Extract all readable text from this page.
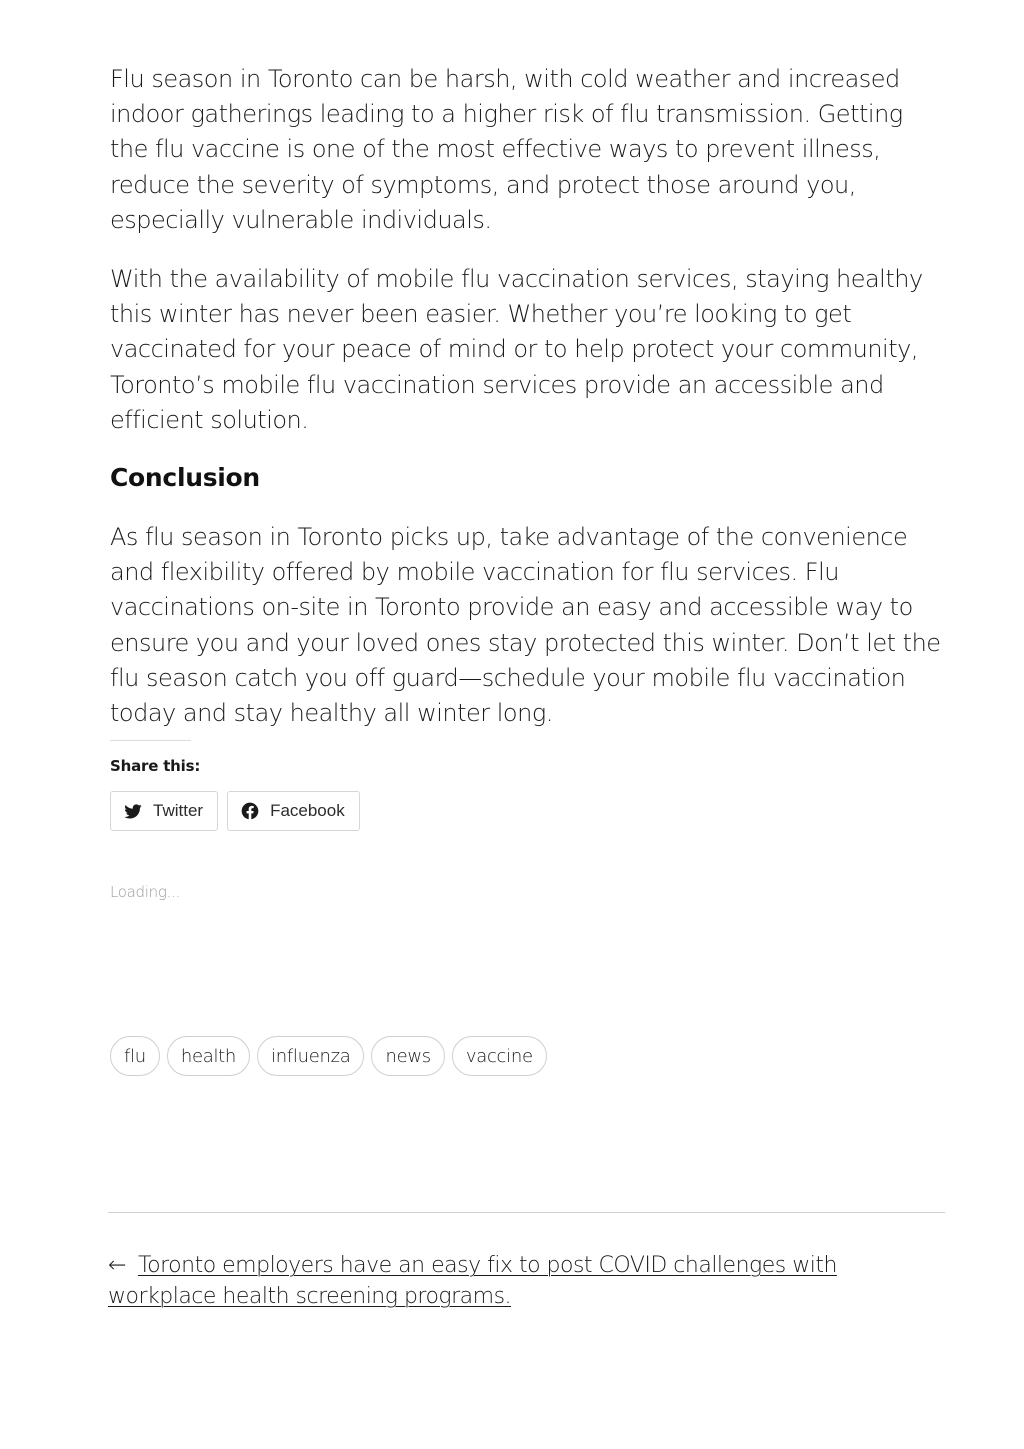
Flu season in Toronto can be harsh, with cold weather and increased indoor gatherings leading to a higher risk of flu transmission. Getting the flu vaccine is one of the most effective ways to prevent illness, reduce the severity of symptoms, and protect those around you, especially vulnerable individuals.

With the availability of mobile flu vaccination services, staying healthy this winter has never been easier. Whether you’re looking to get vaccinated for your peace of mind or to help protect your community, Toronto’s mobile flu vaccination services provide an accessible and efficient solution.

Conclusion

As flu season in Toronto picks up, take advantage of the convenience and flexibility offered by mobile vaccination for flu services. Flu vaccinations on-site in Toronto provide an easy and accessible way to ensure you and your loved ones stay protected this winter. Don’t let the flu season catch you off guard—schedule your mobile flu vaccination today and stay healthy all winter long.

Share this:
Twitter	Facebook
Loading...
flu	health	influenza	news	vaccine
← Toronto employers have an easy fix to post COVID challenges with workplace health screening programs.
